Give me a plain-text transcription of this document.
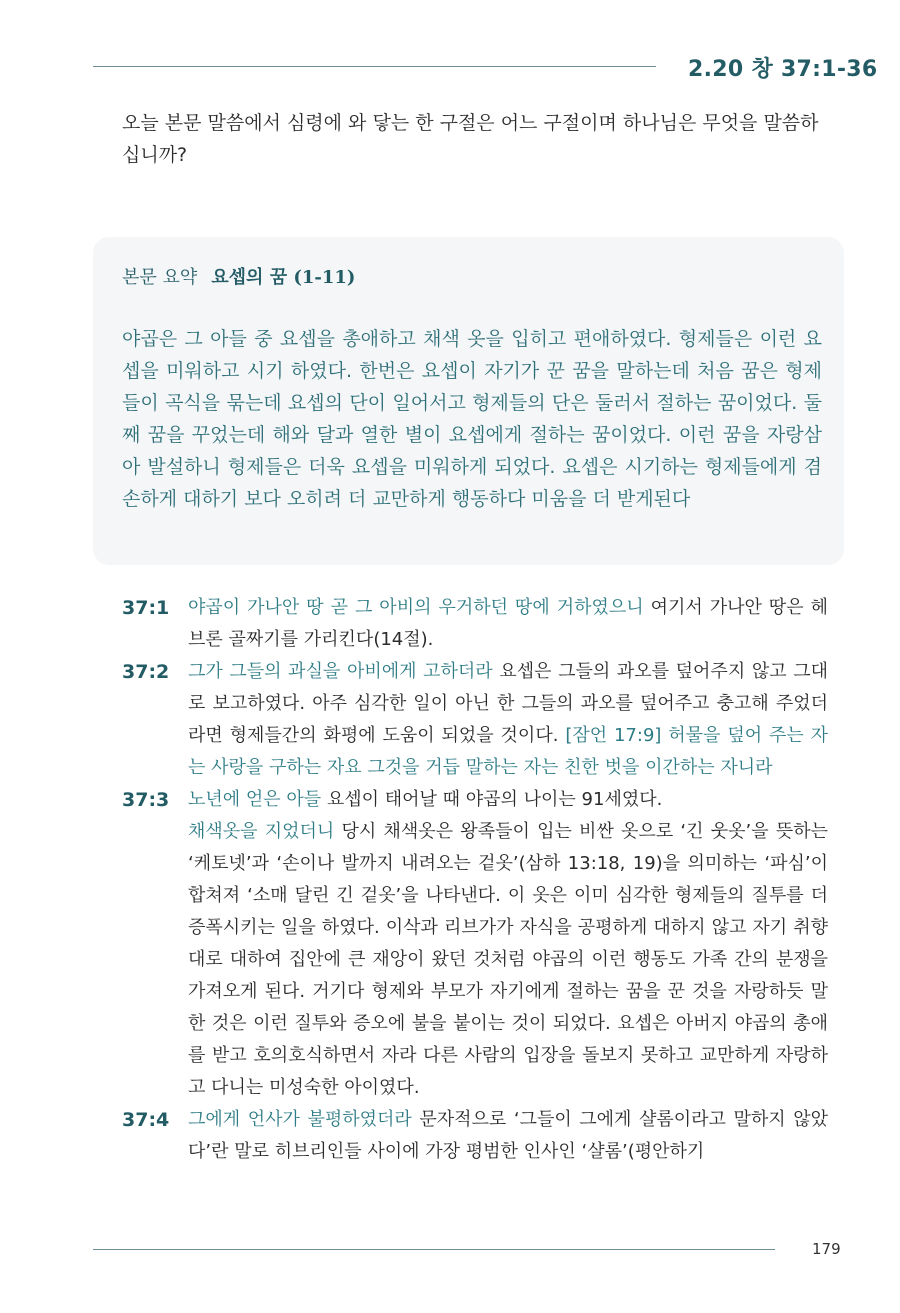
2.20 창 37:1-36
오늘 본문 말씀에서 심령에 와 닿는 한 구절은 어느 구절이며 하나님은 무엇을 말씀하십니까?
본문 요약 요셉의 꿈 (1-11)
야곱은 그 아들 중 요셉을 총애하고 채색 옷을 입히고 편애하였다. 형제들은 이런 요셉을 미워하고 시기 하였다. 한번은 요셉이 자기가 꾼 꿈을 말하는데 처음 꿈은 형제들이 곡식을 묶는데 요셉의 단이 일어서고 형제들의 단은 둘러서 절하는 꿈이었다. 둘째 꿈을 꾸었는데 해와 달과 열한 별이 요셉에게 절하는 꿈이었다. 이런 꿈을 자랑삼아 발설하니 형제들은 더욱 요셉을 미워하게 되었다. 요셉은 시기하는 형제들에게 겸손하게 대하기 보다 오히려 더 교만하게 행동하다 미움을 더 받게된다
37:1	야곱이 가나안 땅 곧 그 아비의 우거하던 땅에 거하였으니 여기서 가나안 땅은 헤브론 골짜기를 가리킨다(14절).
37:2	그가 그들의 과실을 아비에게 고하더라 요셉은 그들의 과오를 덮어주지 않고 그대로 보고하였다. 아주 심각한 일이 아닌 한 그들의 과오를 덮어주고 충고해 주었더라면 형제들간의 화평에 도움이 되었을 것이다. [잠언 17:9] 허물을 덮어 주는 자는 사랑을 구하는 자요 그것을 거듭 말하는 자는 친한 벗을 이간하는 자니라
37:3	노년에 얻은 아들 요셉이 태어날 때 야곱의 나이는 91세였다.
채색옷을 지었더니 당시 채색옷은 왕족들이 입는 비싼 옷으로 ‘긴 웃옷’을 뜻하는 ‘케토넷’과 ‘손이나 발까지 내려오는 겉옷’(삼하 13:18, 19)을 의미하는 ‘파심’이 합쳐져 ‘소매 달린 긴 겉옷’을 나타낸다. 이 옷은 이미 심각한 형제들의 질투를 더 증폭시키는 일을 하였다. 이삭과 리브가가 자식을 공평하게 대하지 않고 자기 취향대로 대하여 집안에 큰 재앙이 왔던 것처럼 야곱의 이런 행동도 가족 간의 분쟁을 가져오게 된다. 거기다 형제와 부모가 자기에게 절하는 꿈을 꾼 것을 자랑하듯 말한 것은 이런 질투와 증오에 불을 붙이는 것이 되었다. 요셉은 아버지 야곱의 총애를 받고 호의호식하면서 자라 다른 사람의 입장을 돌보지 못하고 교만하게 자랑하고 다니는 미성숙한 아이였다.
37:4	그에게 언사가 불평하였더라 문자적으로 ‘그들이 그에게 샬롬이라고 말하지 않았다’란 말로 히브리인들 사이에 가장 평범한 인사인 ‘샬롬’(평안하기
179
